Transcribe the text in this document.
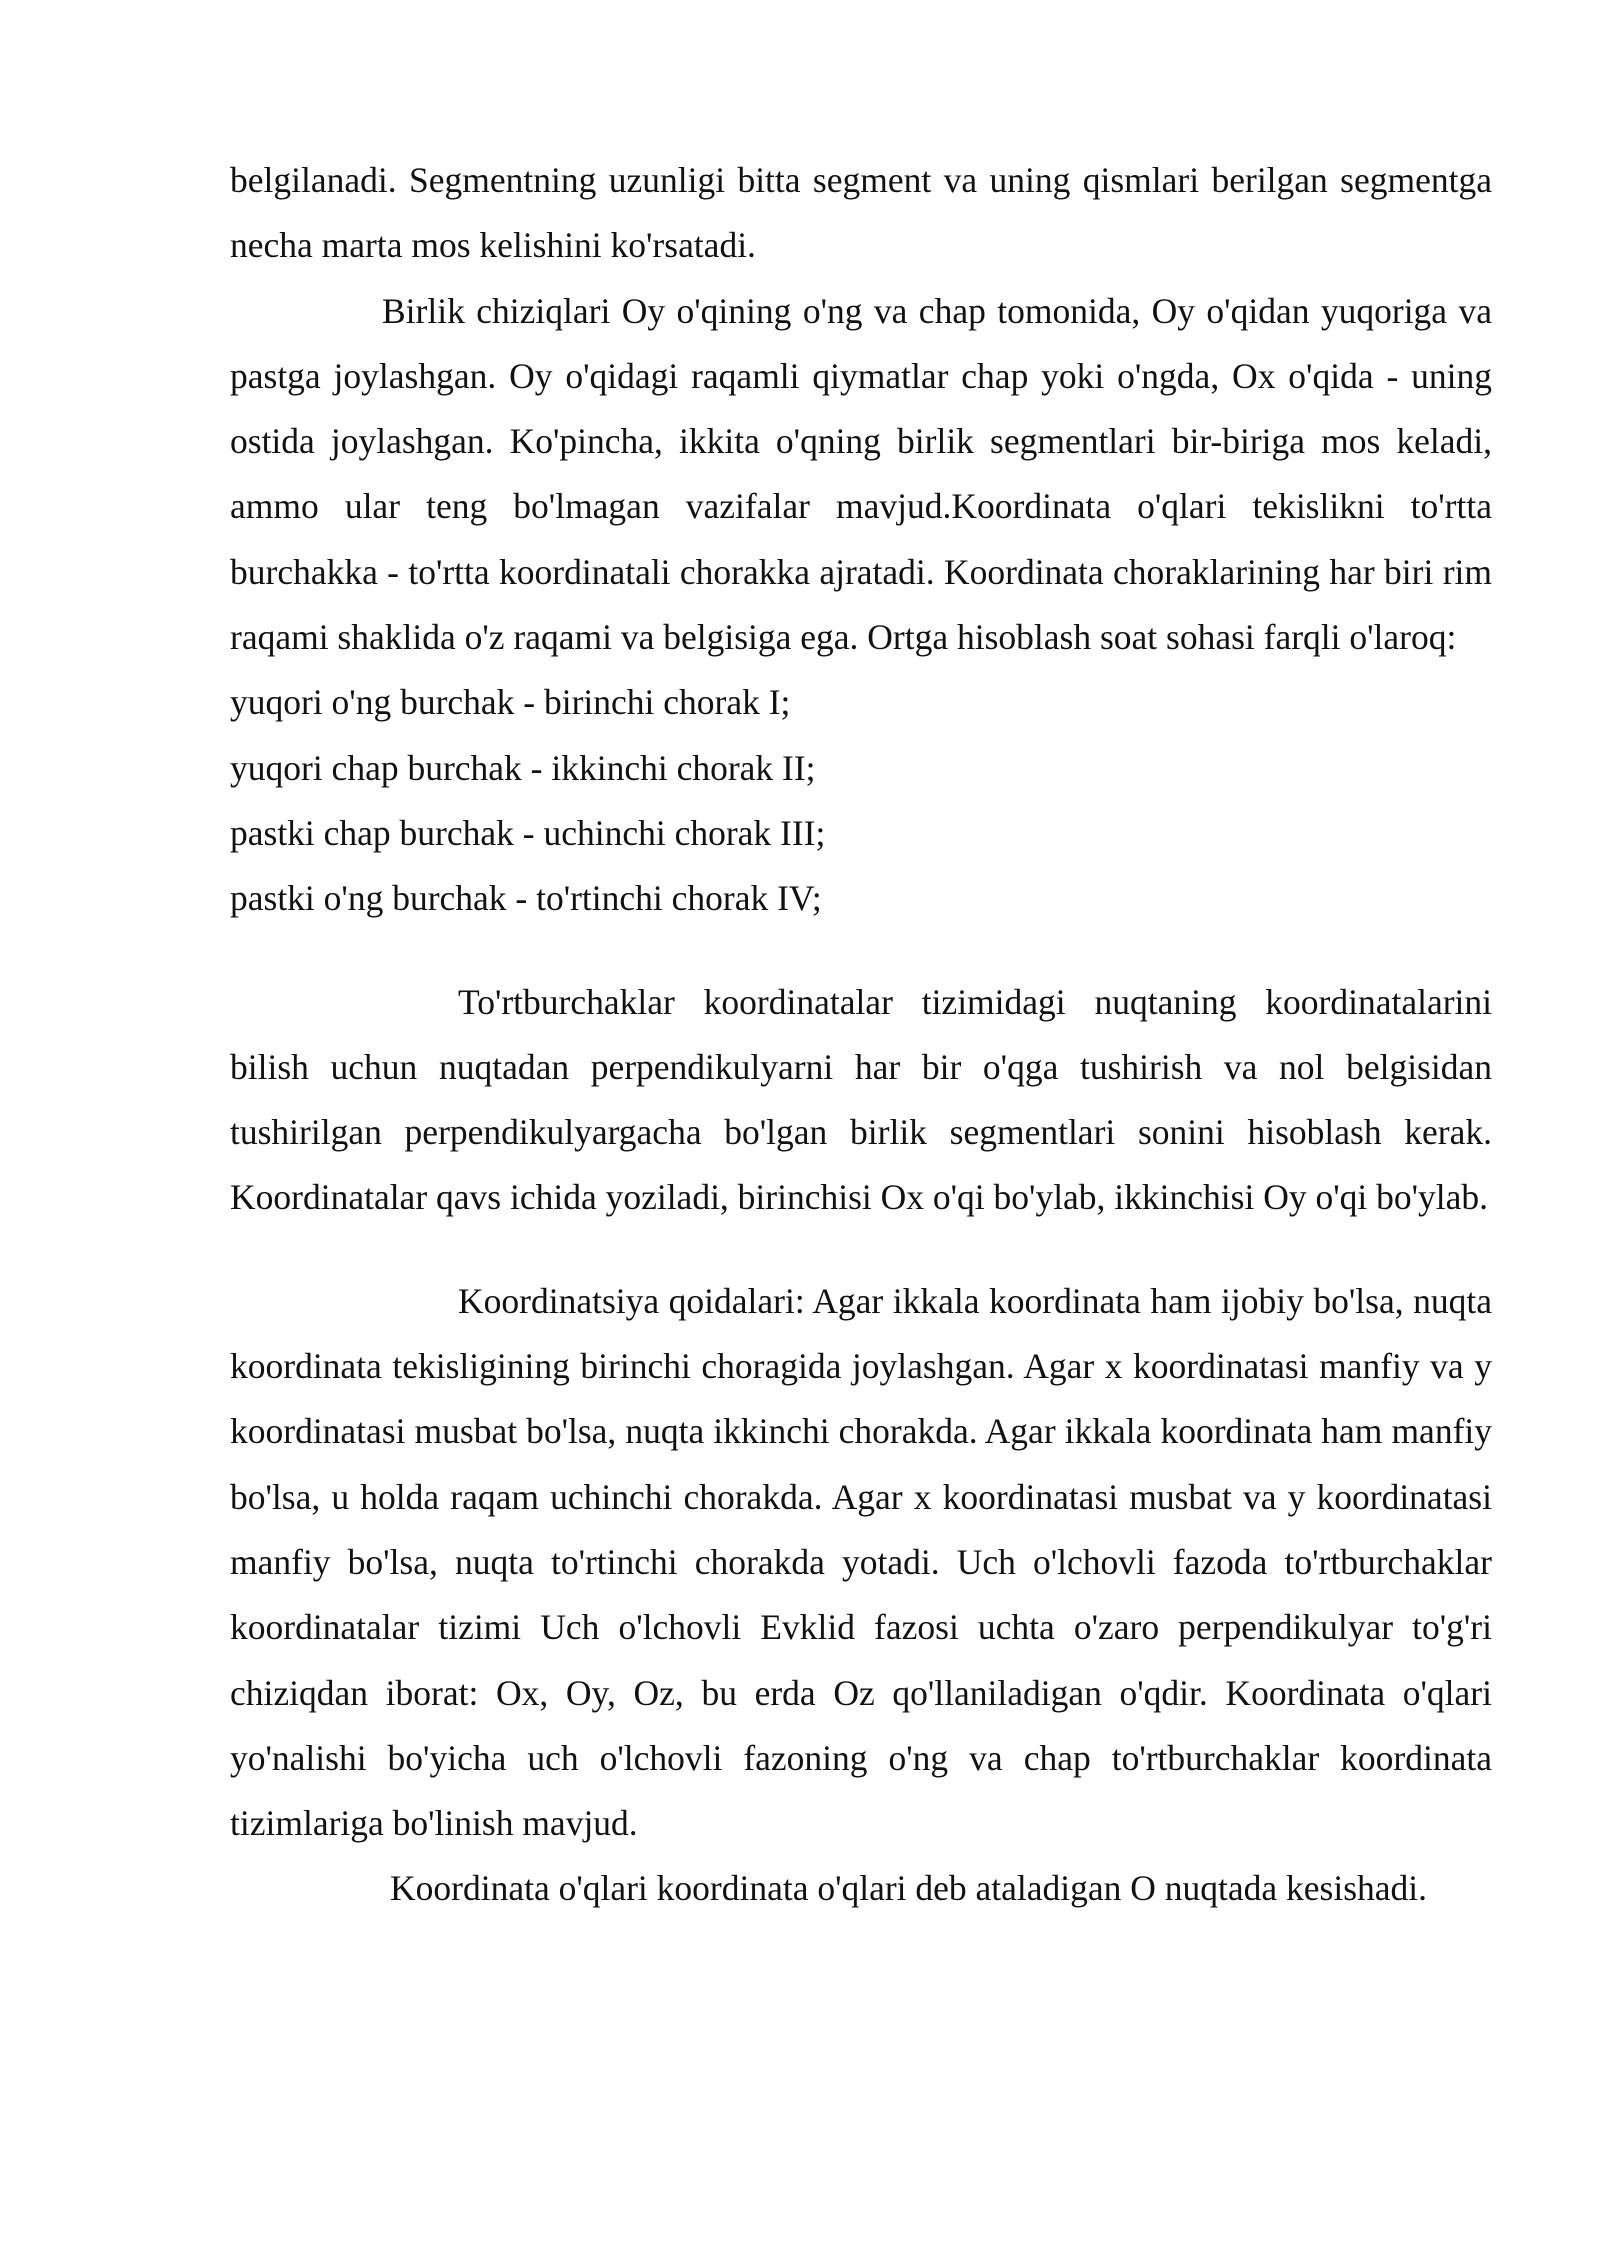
belgilanadi. Segmentning uzunligi bitta segment va uning qismlari berilgan segmentga necha marta mos kelishini ko'rsatadi.

Birlik chiziqlari Oy o'qining o'ng va chap tomonida, Oy o'qidan yuqoriga va pastga joylashgan. Oy o'qidagi raqamli qiymatlar chap yoki o'ngda, Ox o'qida - uning ostida joylashgan. Ko'pincha, ikkita o'qning birlik segmentlari bir-biriga mos keladi, ammo ular teng bo'lmagan vazifalar mavjud.Koordinata o'qlari tekislikni to'rtta burchakka - to'rtta koordinatali chorakka ajratadi. Koordinata choraklarining har biri rim raqami shaklida o'z raqami va belgisiga ega. Ortga hisoblash soat sohasi farqli o'laroq:

yuqori o'ng burchak - birinchi chorak I;

yuqori chap burchak - ikkinchi chorak II;

pastki chap burchak - uchinchi chorak III;

pastki o'ng burchak - to'rtinchi chorak IV;

To'rtburchaklar koordinatalar tizimidagi nuqtaning koordinatalarini bilish uchun nuqtadan perpendikulyarni har bir o'qga tushirish va nol belgisidan tushirilgan perpendikulyargacha bo'lgan birlik segmentlari sonini hisoblash kerak. Koordinatalar qavs ichida yoziladi, birinchisi Ox o'qi bo'ylab, ikkinchisi Oy o'qi bo'ylab.

Koordinatsiya qoidalari: Agar ikkala koordinata ham ijobiy bo'lsa, nuqta koordinata tekisligining birinchi choragida joylashgan. Agar x koordinatasi manfiy va y koordinatasi musbat bo'lsa, nuqta ikkinchi chorakda. Agar ikkala koordinata ham manfiy bo'lsa, u holda raqam uchinchi chorakda. Agar x koordinatasi musbat va y koordinatasi manfiy bo'lsa, nuqta to'rtinchi chorakda yotadi. Uch o'lchovli fazoda to'rtburchaklar koordinatalar tizimi Uch o'lchovli Evklid fazosi uchta o'zaro perpendikulyar to'g'ri chiziqdan iborat: Ox, Oy, Oz, bu erda Oz qo'llaniladigan o'qdir. Koordinata o'qlari yo'nalishi bo'yicha uch o'lchovli fazoning o'ng va chap to'rtburchaklar koordinata tizimlariga bo'linish mavjud.

Koordinata o'qlari koordinata o'qlari deb ataladigan O nuqtada kesishadi.
